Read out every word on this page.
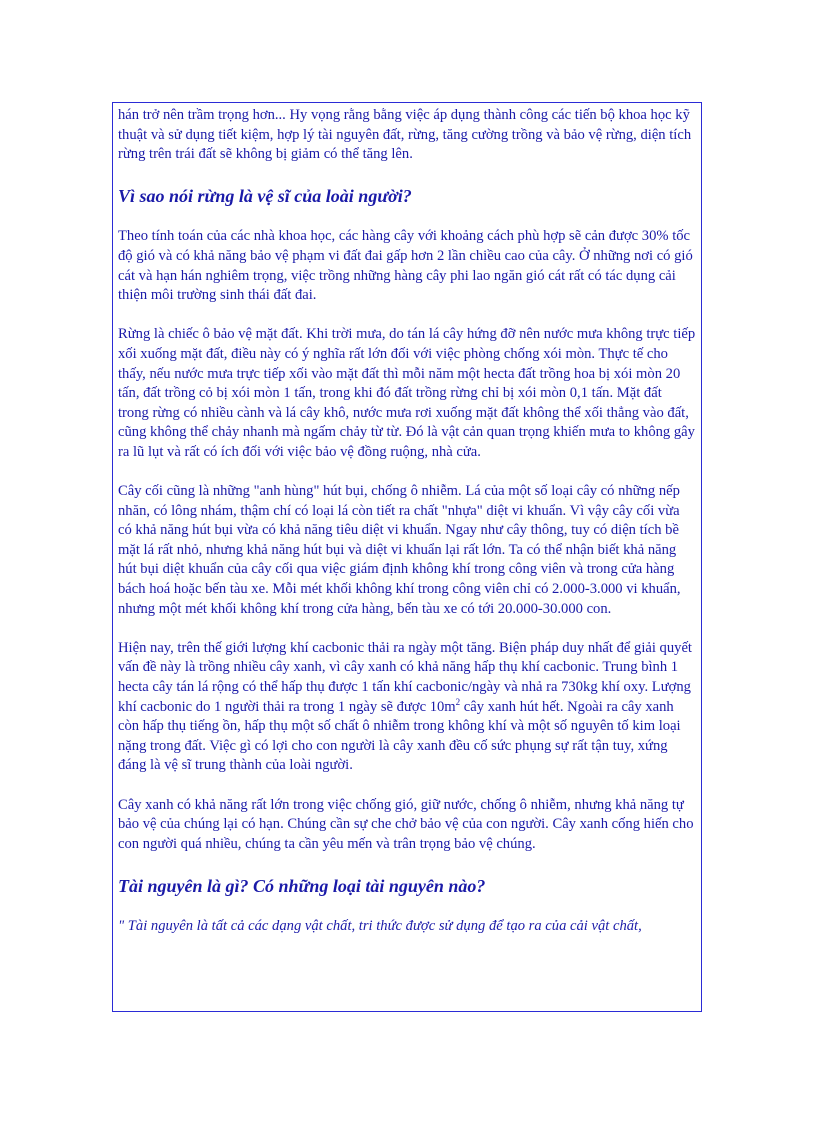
hán trở nên trầm trọng hơn... Hy vọng rằng bằng việc áp dụng thành công các tiến bộ khoa học kỹ thuật và sử dụng tiết kiệm, hợp lý tài nguyên đất, rừng, tăng cường trồng và bảo vệ rừng, diện tích rừng trên trái đất sẽ không bị giảm có thể tăng lên.

Vì sao nói rừng là vệ sĩ của loài người?

Theo tính toán của các nhà khoa học, các hàng cây với khoảng cách phù hợp sẽ cản được 30% tốc độ gió và có khả năng bảo vệ phạm vi đất đai gấp hơn 2 lần chiều cao của cây. Ở những nơi có gió cát và hạn hán nghiêm trọng, việc trồng những hàng cây phi lao ngăn gió cát rất có tác dụng cải thiện môi trường sinh thái đất đai.

Rừng là chiếc ô bảo vệ mặt đất. Khi trời mưa, do tán lá cây hứng đỡ nên nước mưa không trực tiếp xối xuống mặt đất, điều này có ý nghĩa rất lớn đối với việc phòng chống xói mòn. Thực tế cho thấy, nếu nước mưa trực tiếp xối vào mặt đất thì mỗi năm một hecta đất trồng hoa bị xói mòn 20 tấn, đất trồng cỏ bị xói mòn 1 tấn, trong khi đó đất trồng rừng chỉ bị xói mòn 0,1 tấn. Mặt đất trong rừng có nhiều cành và lá cây khô, nước mưa rơi xuống mặt đất không thể xối thẳng vào đất, cũng không thể chảy nhanh mà ngấm chảy từ từ. Đó là vật cản quan trọng khiến mưa to không gây ra lũ lụt và rất có ích đối với việc bảo vệ đồng ruộng, nhà cửa.

Cây cối cũng là những "anh hùng" hút bụi, chống ô nhiễm. Lá của một số loại cây có những nếp nhăn, có lông nhám, thậm chí có loại lá còn tiết ra chất "nhựa" diệt vi khuẩn. Vì vậy cây cối vừa có khả năng hút bụi vừa có khả năng tiêu diệt vi khuẩn. Ngay như cây thông, tuy có diện tích bề mặt lá rất nhỏ, nhưng khả năng hút bụi và diệt vi khuẩn lại rất lớn. Ta có thể nhận biết khả năng hút bụi diệt khuẩn của cây cối qua việc giám định không khí trong công viên và trong cửa hàng bách hoá hoặc bến tàu xe. Mỗi mét khối không khí trong công viên chỉ có 2.000-3.000 vi khuẩn, nhưng một mét khối không khí trong cửa hàng, bến tàu xe có tới 20.000-30.000 con.

Hiện nay, trên thế giới lượng khí cacbonic thải ra ngày một tăng. Biện pháp duy nhất để giải quyết vấn đề này là trồng nhiều cây xanh, vì cây xanh có khả năng hấp thụ khí cacbonic. Trung bình 1 hecta cây tán lá rộng có thể hấp thụ được 1 tấn khí cacbonic/ngày và nhả ra 730kg khí oxy. Lượng khí cacbonic do 1 người thải ra trong 1 ngày sẽ được $10m^2$ cây xanh hút hết. Ngoài ra cây xanh còn hấp thụ tiếng ồn, hấp thụ một số chất ô nhiễm trong không khí và một số nguyên tố kim loại nặng trong đất. Việc gì có lợi cho con người là cây xanh đều cố sức phụng sự rất tận tuy, xứng đáng là vệ sĩ trung thành của loài người.

Cây xanh có khả năng rất lớn trong việc chống gió, giữ nước, chống ô nhiễm, nhưng khả năng tự bảo vệ của chúng lại có hạn. Chúng cần sự che chở bảo vệ của con người. Cây xanh cống hiến cho con người quá nhiều, chúng ta cần yêu mến và trân trọng bảo vệ chúng.

Tài nguyên là gì? Có những loại tài nguyên nào?

" Tài nguyên là tất cả các dạng vật chất, tri thức được sử dụng để tạo ra của cải vật chất,
